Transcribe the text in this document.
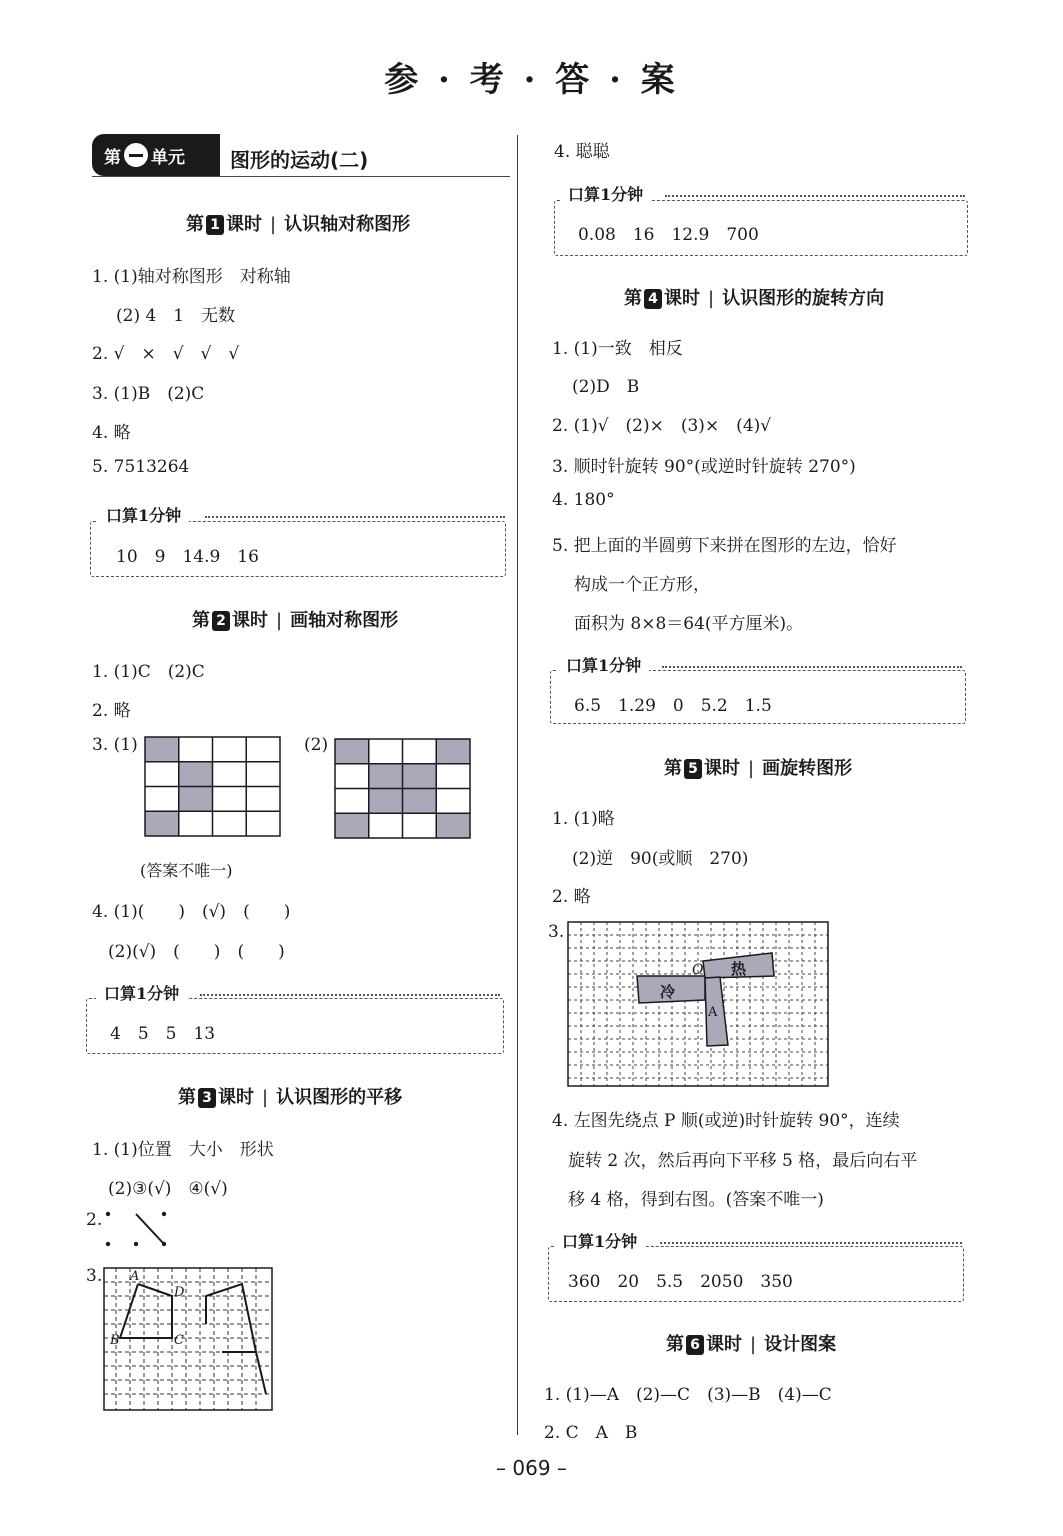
参 · 考 · 答 · 案
第 单元 图形的运动(二)
第 1 课时 | 认识轴对称图形
1. (1)轴对称图形　对称轴
(2) 4　1　无数
2. √　×　√　√　√
3. (1)B　(2)C
4. 略
5. 7513264
口算1分钟
10　9　14.9　16
第 2 课时 | 画轴对称图形
1. (1)C　(2)C
2. 略
3. (1)	(2)
(答案不唯一)
4. (1)(　　)　(√)　(　　)
(2)(√)　(　　)　(　　)
口算1分钟
4　5　5　13
第 3 课时 | 认识图形的平移
1. (1)位置　大小　形状
(2)③(√)　④(√)
2.
3. A
B	C
D
4. 聪聪
口算1分钟
0.08　16　12.9　700
第 4 课时 | 认识图形的旋转方向
1. (1)一致　相反
(2)D　B
2. (1)√　(2)×　(3)×　(4)√
3. 顺时针旋转 90°(或逆时针旋转 270°)
4. 180°
5. 把上面的半圆剪下来拼在图形的左边，恰好
构成一个正方形，
面积为 8×8＝64(平方厘米)。
口算1分钟
6.5　1.29　0　5.2　1.5
第 5 课时 | 画旋转图形
1. (1)略
(2)逆　90(或顺　270)
2. 略
3.
O 热
冷
A
4. 左图先绕点 P 顺(或逆)时针旋转 90°，连续
旋转 2 次，然后再向下平移 5 格，最后向右平
移 4 格，得到右图。(答案不唯一)
口算1分钟
360　20　5.5　2050　350
第 6 课时 | 设计图案
1. (1)—A　(2)—C　(3)—B　(4)—C
2. C　A　B
– 069 –
